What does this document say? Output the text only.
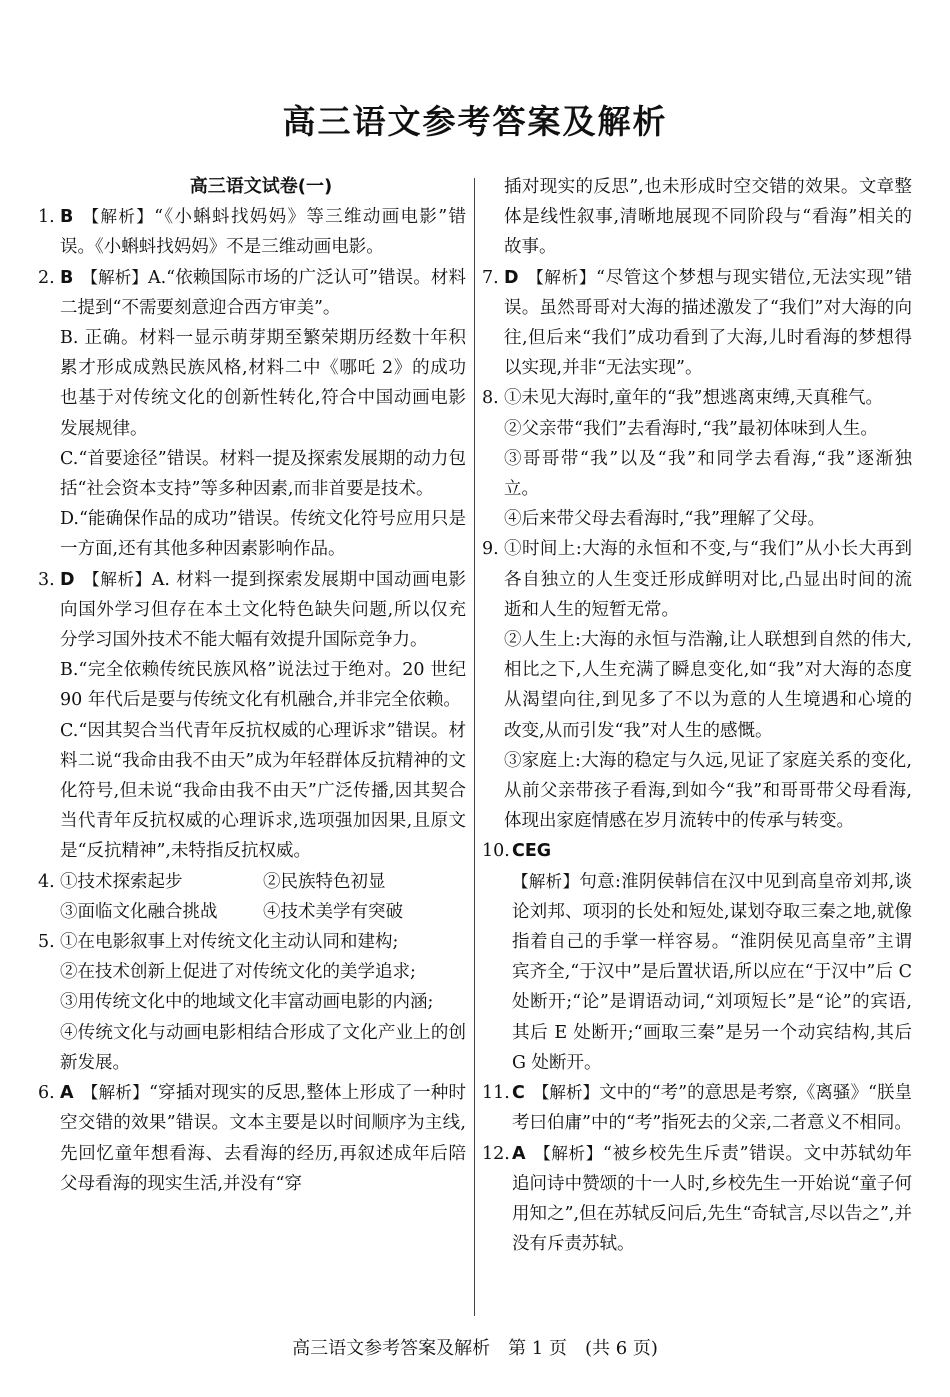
高三语文参考答案及解析
高三语文试卷(一)
1. B 【解析】“《小蝌蚪找妈妈》等三维动画电影”错误。《小蝌蚪找妈妈》不是三维动画电影。
2. B 【解析】A.“依赖国际市场的广泛认可”错误。材料二提到“不需要刻意迎合西方审美”。
B. 正确。材料一显示萌芽期至繁荣期历经数十年积累才形成成熟民族风格,材料二中《哪吒 2》的成功也基于对传统文化的创新性转化,符合中国动画电影发展规律。
C.“首要途径”错误。材料一提及探索发展期的动力包括“社会资本支持”等多种因素,而非首要是技术。
D.“能确保作品的成功”错误。传统文化符号应用只是一方面,还有其他多种因素影响作品。
3. D 【解析】A. 材料一提到探索发展期中国动画电影向国外学习但存在本土文化特色缺失问题,所以仅充分学习国外技术不能大幅有效提升国际竞争力。
B.“完全依赖传统民族风格”说法过于绝对。20 世纪 90 年代后是要与传统文化有机融合,并非完全依赖。
C.“因其契合当代青年反抗权威的心理诉求”错误。材料二说“我命由我不由天”成为年轻群体反抗精神的文化符号,但未说“我命由我不由天”广泛传播,因其契合当代青年反抗权威的心理诉求,选项强加因果,且原文是“反抗精神”,未特指反抗权威。
4. ①技术探索起步	②民族特色初显
③面临文化融合挑战	④技术美学有突破
5. ①在电影叙事上对传统文化主动认同和建构;
②在技术创新上促进了对传统文化的美学追求;
③用传统文化中的地域文化丰富动画电影的内涵;
④传统文化与动画电影相结合形成了文化产业上的创新发展。
6. A 【解析】“穿插对现实的反思,整体上形成了一种时空交错的效果”错误。文本主要是以时间顺序为主线,先回忆童年想看海、去看海的经历,再叙述成年后陪父母看海的现实生活,并没有“穿
插对现实的反思”,也未形成时空交错的效果。文章整体是线性叙事,清晰地展现不同阶段与“看海”相关的故事。
7. D 【解析】“尽管这个梦想与现实错位,无法实现”错误。虽然哥哥对大海的描述激发了“我们”对大海的向往,但后来“我们”成功看到了大海,儿时看海的梦想得以实现,并非“无法实现”。
8. ①未见大海时,童年的“我”想逃离束缚,天真稚气。
②父亲带“我们”去看海时,“我”最初体味到人生。
③哥哥带“我”以及“我”和同学去看海,“我”逐渐独立。
④后来带父母去看海时,“我”理解了父母。
9. ①时间上:大海的永恒和不变,与“我们”从小长大再到各自独立的人生变迁形成鲜明对比,凸显出时间的流逝和人生的短暂无常。
②人生上:大海的永恒与浩瀚,让人联想到自然的伟大,相比之下,人生充满了瞬息变化,如“我”对大海的态度从渴望向往,到见多了不以为意的人生境遇和心境的改变,从而引发“我”对人生的感慨。
③家庭上:大海的稳定与久远,见证了家庭关系的变化,从前父亲带孩子看海,到如今“我”和哥哥带父母看海,体现出家庭情感在岁月流转中的传承与转变。
10. CEG
【解析】句意:淮阴侯韩信在汉中见到高皇帝刘邦,谈论刘邦、项羽的长处和短处,谋划夺取三秦之地,就像指着自己的手掌一样容易。“淮阴侯见高皇帝”主谓宾齐全,“于汉中”是后置状语,所以应在“于汉中”后 C 处断开;“论”是谓语动词,“刘项短长”是“论”的宾语,其后 E 处断开;“画取三秦”是另一个动宾结构,其后 G 处断开。
11. C 【解析】文中的“考”的意思是考察,《离骚》“朕皇考曰伯庸”中的“考”指死去的父亲,二者意义不相同。
12. A 【解析】“被乡校先生斥责”错误。文中苏轼幼年追问诗中赞颂的十一人时,乡校先生一开始说“童子何用知之”,但在苏轼反问后,先生“奇轼言,尽以告之”,并没有斥责苏轼。
高三语文参考答案及解析　第 1 页　(共 6 页)
